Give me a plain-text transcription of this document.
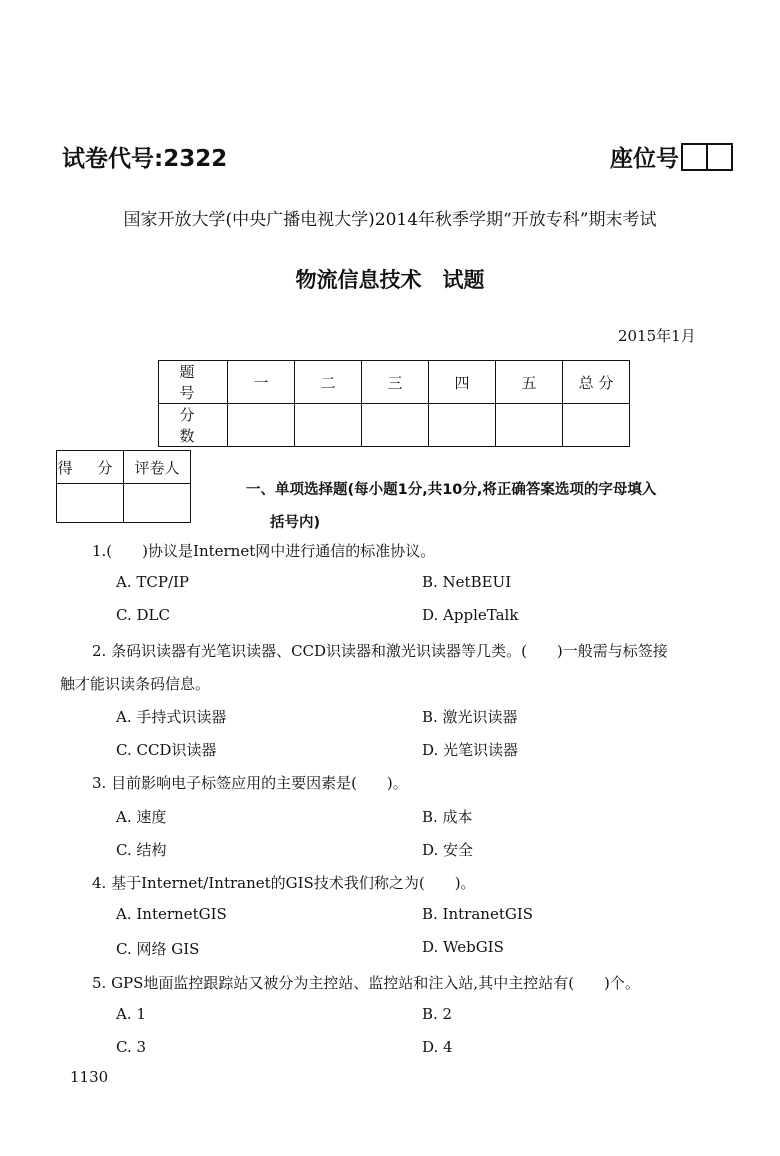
试卷代号:2322	座位号
国家开放大学(中央广播电视大学)2014年秋季学期“开放专科”期末考试
物流信息技术　试题
2015年1月
题 号	一	二	三	四	五	总 分
分 数						
得 分	评卷人

一、单项选择题(每小题1分,共10分,将正确答案选项的字母填入
括号内)
1.(　　)协议是Internet网中进行通信的标准协议。
A. TCP/IP	B. NetBEUI
C. DLC	D. AppleTalk
2. 条码识读器有光笔识读器、CCD识读器和激光识读器等几类。(　　)一般需与标签接
触才能识读条码信息。
A. 手持式识读器	B. 激光识读器
C. CCD识读器	D. 光笔识读器
3. 目前影响电子标签应用的主要因素是(　　)。
A. 速度	B. 成本
C. 结构	D. 安全
4. 基于Internet/Intranet的GIS技术我们称之为(　　)。
A. InternetGIS	B. IntranetGIS
C. 网络 GIS	D. WebGIS
5. GPS地面监控跟踪站又被分为主控站、监控站和注入站,其中主控站有(　　)个。
A. 1	B. 2
C. 3	D. 4
1130
